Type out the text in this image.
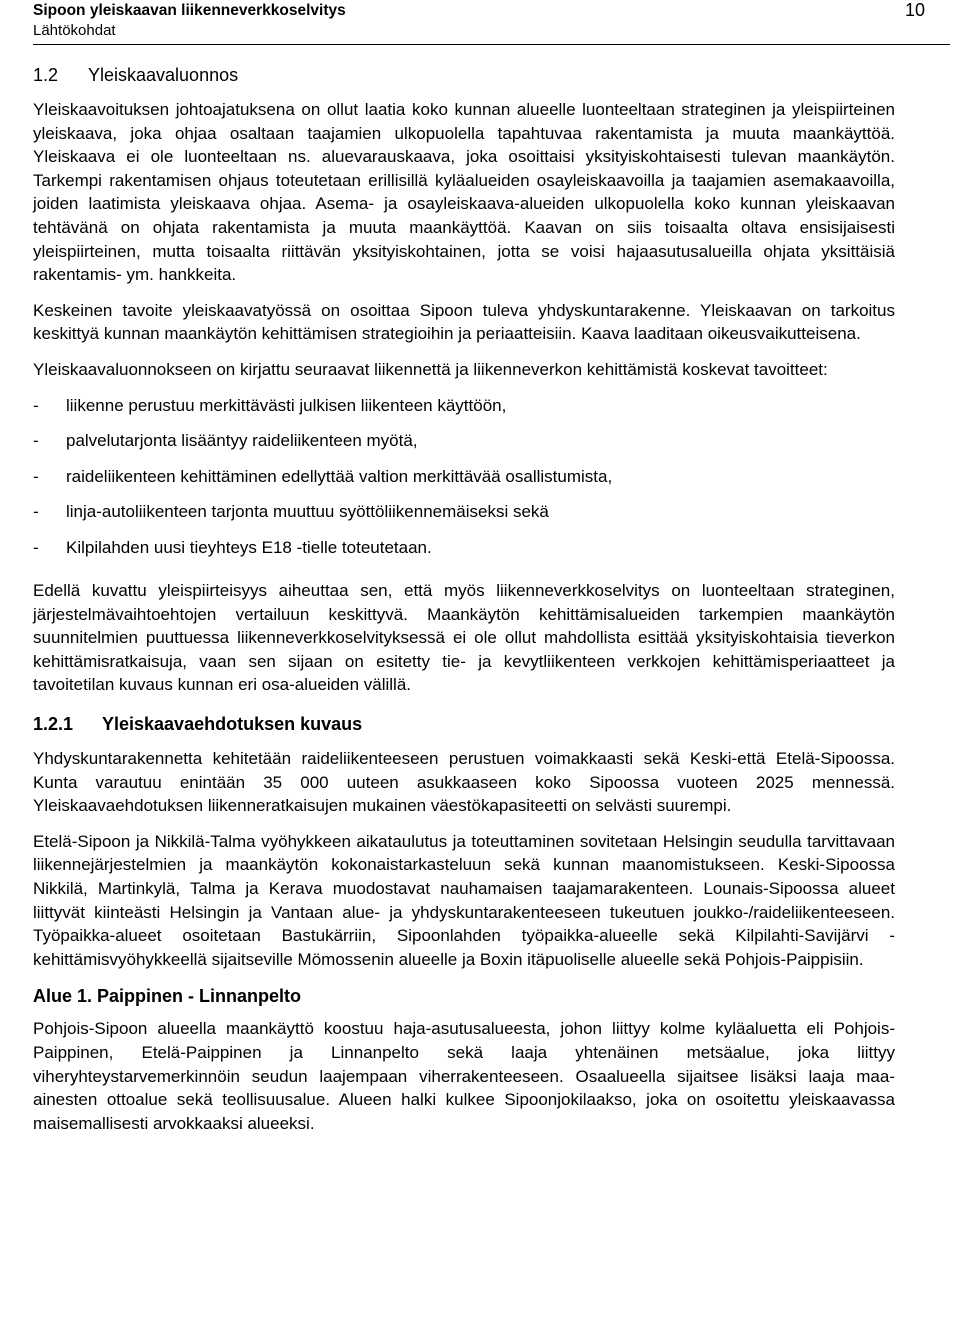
Sipoon yleiskaavan liikenneverkkoselvitys
Lähtökohdat
10
1.2 Yleiskaavaluonnos

Yleiskaavoituksen johtoajatuksena on ollut laatia koko kunnan alueelle luonteeltaan strateginen ja yleispiirteinen yleiskaava, joka ohjaa osaltaan taajamien ulkopuolella tapahtuvaa rakentamista ja muuta maankäyttöä. Yleiskaava ei ole luonteeltaan ns. aluevarauskaava, joka osoittaisi yksityiskohtaisesti tulevan maankäytön. Tarkempi rakentamisen ohjaus toteutetaan erillisillä kyläalueiden osayleiskaavoilla ja taajamien asemakaavoilla, joiden laatimista yleiskaava ohjaa. Asema- ja osayleiskaava-alueiden ulkopuolella koko kunnan yleiskaavan tehtävänä on ohjata rakentamista ja muuta maankäyttöä. Kaavan on siis toisaalta oltava ensisijaisesti yleispiirteinen, mutta toisaalta riittävän yksityiskohtainen, jotta se voisi hajaasutusalueilla ohjata yksittäisiä rakentamis- ym. hankkeita.

Keskeinen tavoite yleiskaavatyössä on osoittaa Sipoon tuleva yhdyskuntarakenne. Yleiskaavan on tarkoitus keskittyä kunnan maankäytön kehittämisen strategioihin ja periaatteisiin. Kaava laaditaan oikeusvaikutteisena.

Yleiskaavaluonnokseen on kirjattu seuraavat liikennettä ja liikenneverkon kehittämistä koskevat tavoitteet:

- liikenne perustuu merkittävästi julkisen liikenteen käyttöön,
- palvelutarjonta lisääntyy raideliikenteen myötä,
- raideliikenteen kehittäminen edellyttää valtion merkittävää osallistumista,
- linja-autoliikenteen tarjonta muuttuu syöttöliikennemäiseksi sekä
- Kilpilahden uusi tieyhteys E18 -tielle toteutetaan.

Edellä kuvattu yleispiirteisyys aiheuttaa sen, että myös liikenneverkkoselvitys on luonteeltaan strateginen, järjestelmävaihtoehtojen vertailuun keskittyvä. Maankäytön kehittämisalueiden tarkempien maankäytön suunnitelmien puuttuessa liikenneverkkoselvityksessä ei ole ollut mahdollista esittää yksityiskohtaisia tieverkon kehittämisratkaisuja, vaan sen sijaan on esitetty tie- ja kevytliikenteen verkkojen kehittämisperiaatteet ja tavoitetilan kuvaus kunnan eri osa-alueiden välillä.

1.2.1 Yleiskaavaehdotuksen kuvaus

Yhdyskuntarakennetta kehitetään raideliikenteeseen perustuen voimakkaasti sekä Keski-että Etelä-Sipoossa. Kunta varautuu enintään 35 000 uuteen asukkaaseen koko Sipoossa vuoteen 2025 mennessä. Yleiskaavaehdotuksen liikenneratkaisujen mukainen väestökapasiteetti on selvästi suurempi.

Etelä-Sipoon ja Nikkilä-Talma vyöhykkeen aikataulutus ja toteuttaminen sovitetaan Helsingin seudulla tarvittavaan liikennejärjestelmien ja maankäytön kokonaistarkasteluun sekä kunnan maanomistukseen. Keski-Sipoossa Nikkilä, Martinkylä, Talma ja Kerava muodostavat nauhamaisen taajamarakenteen. Lounais-Sipoossa alueet liittyvät kiinteästi Helsingin ja Vantaan alue- ja yhdyskuntarakenteeseen tukeutuen joukko-/raideliikenteeseen. Työpaikka-alueet osoitetaan Bastukärriin, Sipoonlahden työpaikka-alueelle sekä Kilpilahti-Savijärvi -kehittämisvyöhykkeellä sijaitseville Mömossenin alueelle ja Boxin itäpuoliselle alueelle sekä Pohjois-Paippisiin.

Alue 1. Paippinen - Linnanpelto

Pohjois-Sipoon alueella maankäyttö koostuu haja-asutusalueesta, johon liittyy kolme kyläaluetta eli Pohjois-Paippinen, Etelä-Paippinen ja Linnanpelto sekä laaja yhtenäinen metsäalue, joka liittyy viheryhteystarvemerkinnöin seudun laajempaan viherrakenteeseen. Osaalueella sijaitsee lisäksi laaja maa-ainesten ottoalue sekä teollisuusalue. Alueen halki kulkee Sipoonjokilaakso, joka on osoitettu yleiskaavassa maisemallisesti arvokkaaksi alueeksi.
